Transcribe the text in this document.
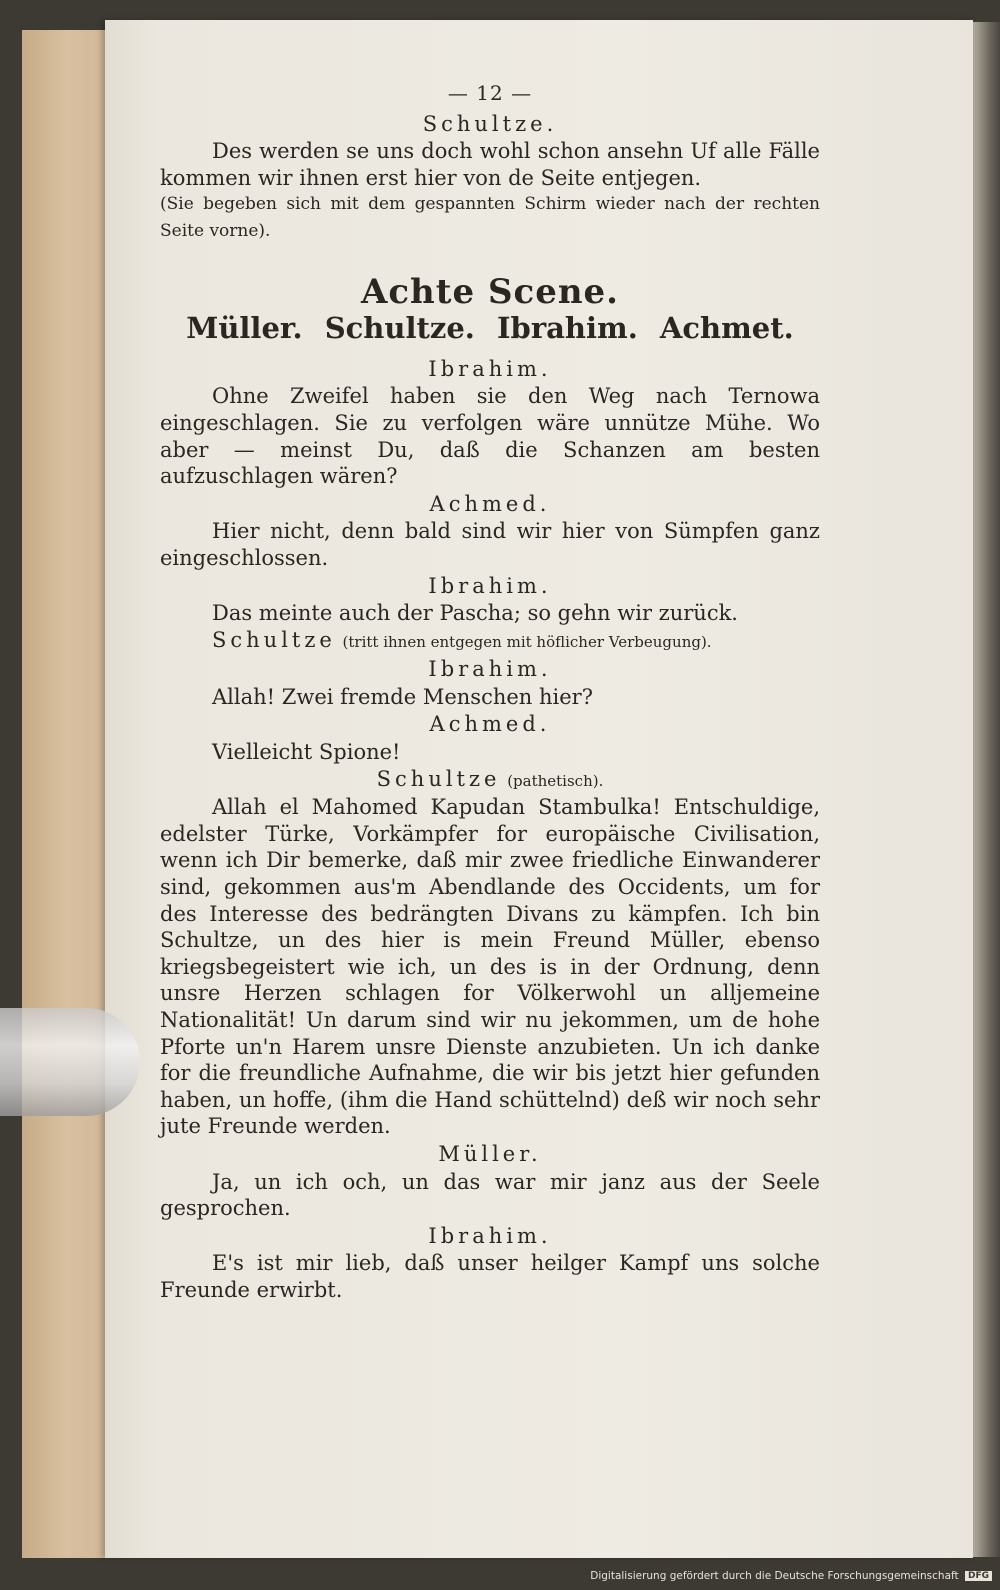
— 12 —
Schultze.

Des werden se uns doch wohl schon ansehn Uf alle Fälle kommen wir ihnen erst hier von de Seite entjegen.

(Sie begeben sich mit dem gespannten Schirm wieder nach der rechten Seite vorne).

Achte Scene.
Müller. Schultze. Ibrahim. Achmet.
Ibrahim.

Ohne Zweifel haben sie den Weg nach Ternowa eingeschlagen. Sie zu verfolgen wäre unnütze Mühe. Wo aber — meinst Du, daß die Schanzen am besten aufzuschlagen wären?

Achmed.

Hier nicht, denn bald sind wir hier von Sümpfen ganz eingeschlossen.

Ibrahim.

Das meinte auch der Pascha; so gehn wir zurück.

Schultze (tritt ihnen entgegen mit höflicher Verbeugung).
Ibrahim.

Allah! Zwei fremde Menschen hier?

Achmed.

Vielleicht Spione!

Schultze (pathetisch).

Allah el Mahomed Kapudan Stambulka! Entschuldige, edelster Türke, Vorkämpfer for europäische Civilisation, wenn ich Dir bemerke, daß mir zwee friedliche Einwanderer sind, gekommen aus'm Abendlande des Occidents, um for des Interesse des bedrängten Divans zu kämpfen. Ich bin Schultze, un des hier is mein Freund Müller, ebenso kriegsbegeistert wie ich, un des is in der Ordnung, denn unsre Herzen schlagen for Völkerwohl un alljemeine Nationalität! Un darum sind wir nu jekommen, um de hohe Pforte un'n Harem unsre Dienste anzubieten. Un ich danke for die freundliche Aufnahme, die wir bis jetzt hier gefunden haben, un hoffe, (ihm die Hand schüttelnd) deß wir noch sehr jute Freunde werden.

Müller.

Ja, un ich och, un das war mir janz aus der Seele gesprochen.

Ibrahim.

E's ist mir lieb, daß unser heilger Kampf uns solche Freunde erwirbt.

Digitalisierung gefördert durch die Deutsche Forschungsgemeinschaft DFG
